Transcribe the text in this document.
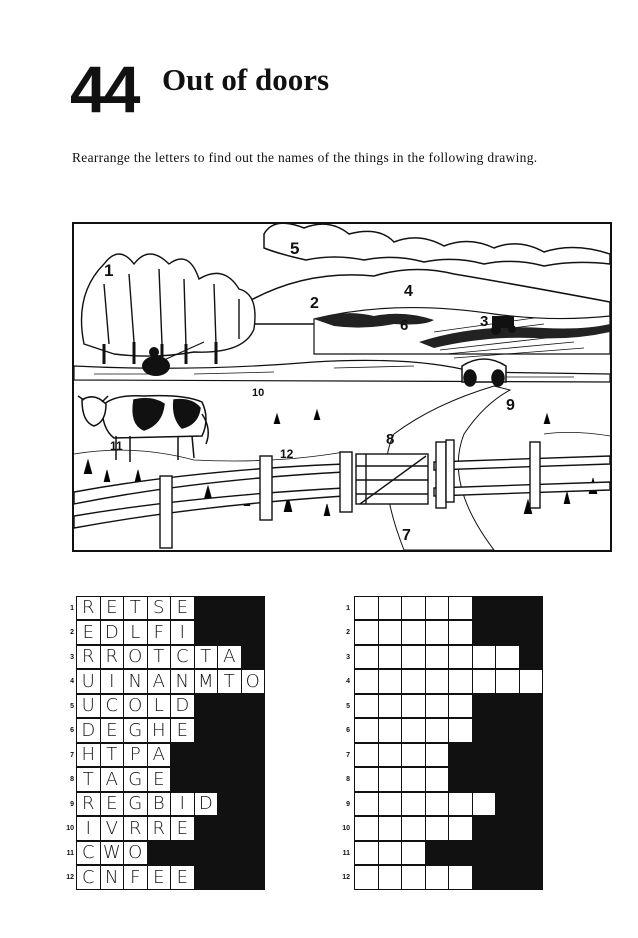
44 Out of doors
Rearrange the letters to find out the names of the things in the following drawing.
1
2
3
4
5
6
7
8
9
10
11
12
1 R E T S E
2 E D L F I
3 R R O T C T A
4 U I N A N M T O
5 U C O L D
6 D E G H E
7 H T P A
8 T A G E
9 R E G B I D
10 I V R R E
11 C W O
12 C N F E E
1
2
3
4
5
6
7
8
9
10
11
12
